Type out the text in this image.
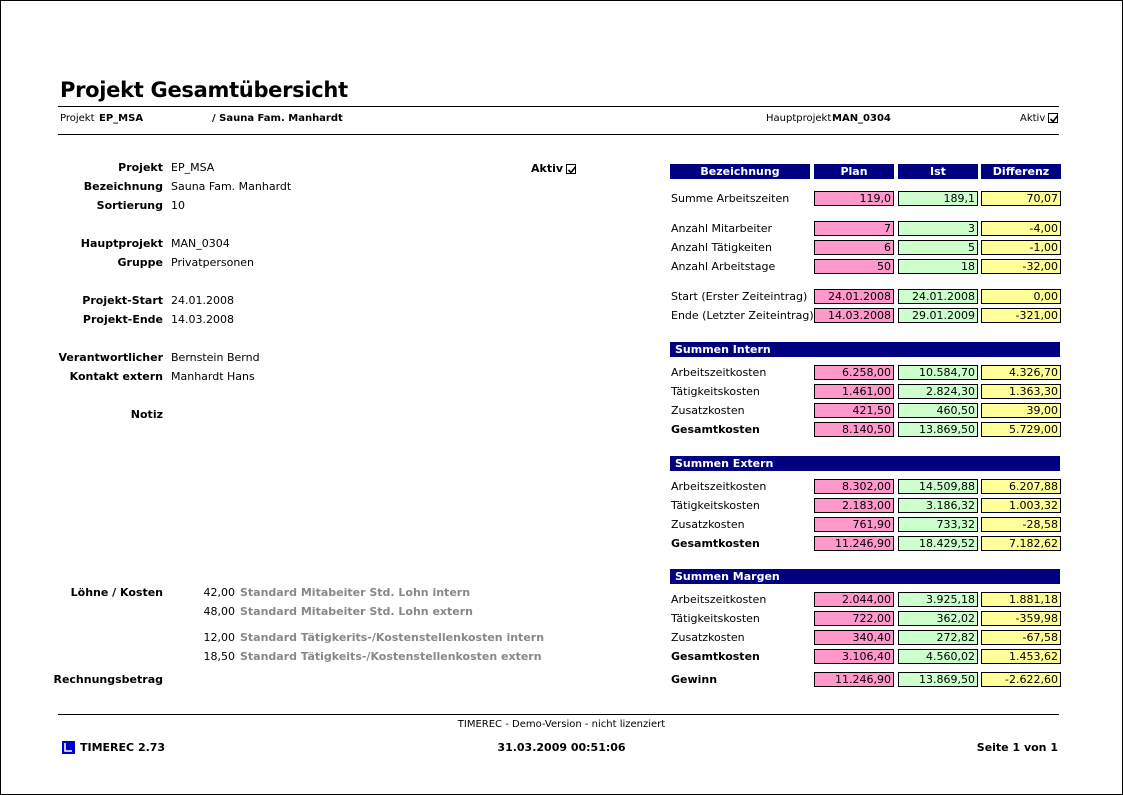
Projekt Gesamtübersicht
Projekt EP_MSA	/ Sauna Fam. Manhardt	Hauptprojekt MAN_0304	Aktiv
Projekt EP_MSA
Bezeichnung Sauna Fam. Manhardt
Sortierung 10
Hauptprojekt MAN_0304
Gruppe Privatpersonen
Projekt-Start 24.01.2008
Projekt-Ende 14.03.2008
Verantwortlicher Bernstein Bernd
Kontakt extern Manhardt Hans
Notiz
Aktiv
Löhne / Kosten	42,00 Standard Mitabeiter Std. Lohn intern
48,00 Standard Mitabeiter Std. Lohn extern
12,00 Standard Tätigkerits-/Kostenstellenkosten intern
18,50 Standard Tätigkeits-/Kostenstellenkosten extern
Rechnungsbetrag
Bezeichnung	Plan	Ist	Differenz
Summe Arbeitszeiten	119,0	189,1	70,07
Anzahl Mitarbeiter	7	3	-4,00
Anzahl Tätigkeiten	6	5	-1,00
Anzahl Arbeitstage	50	18	-32,00
Start (Erster Zeiteintrag)	24.01.2008	24.01.2008	0,00
Ende (Letzter Zeiteintrag)	14.03.2008	29.01.2009	-321,00
Summen Intern
Arbeitszeitkosten	6.258,00	10.584,70	4.326,70
Tätigkeitskosten	1.461,00	2.824,30	1.363,30
Zusatzkosten	421,50	460,50	39,00
Gesamtkosten	8.140,50	13.869,50	5.729,00
Summen Extern
Arbeitszeitkosten	8.302,00	14.509,88	6.207,88
Tätigkeitskosten	2.183,00	3.186,32	1.003,32
Zusatzkosten	761,90	733,32	-28,58
Gesamtkosten	11.246,90	18.429,52	7.182,62
Summen Margen
Arbeitszeitkosten	2.044,00	3.925,18	1.881,18
Tätigkeitskosten	722,00	362,02	-359,98
Zusatzkosten	340,40	272,82	-67,58
Gesamtkosten	3.106,40	4.560,02	1.453,62
Gewinn	11.246,90	13.869,50	-2.622,60
TIMEREC - Demo-Version - nicht lizenziert
TIMEREC 2.73	31.03.2009 00:51:06	Seite 1 von 1
